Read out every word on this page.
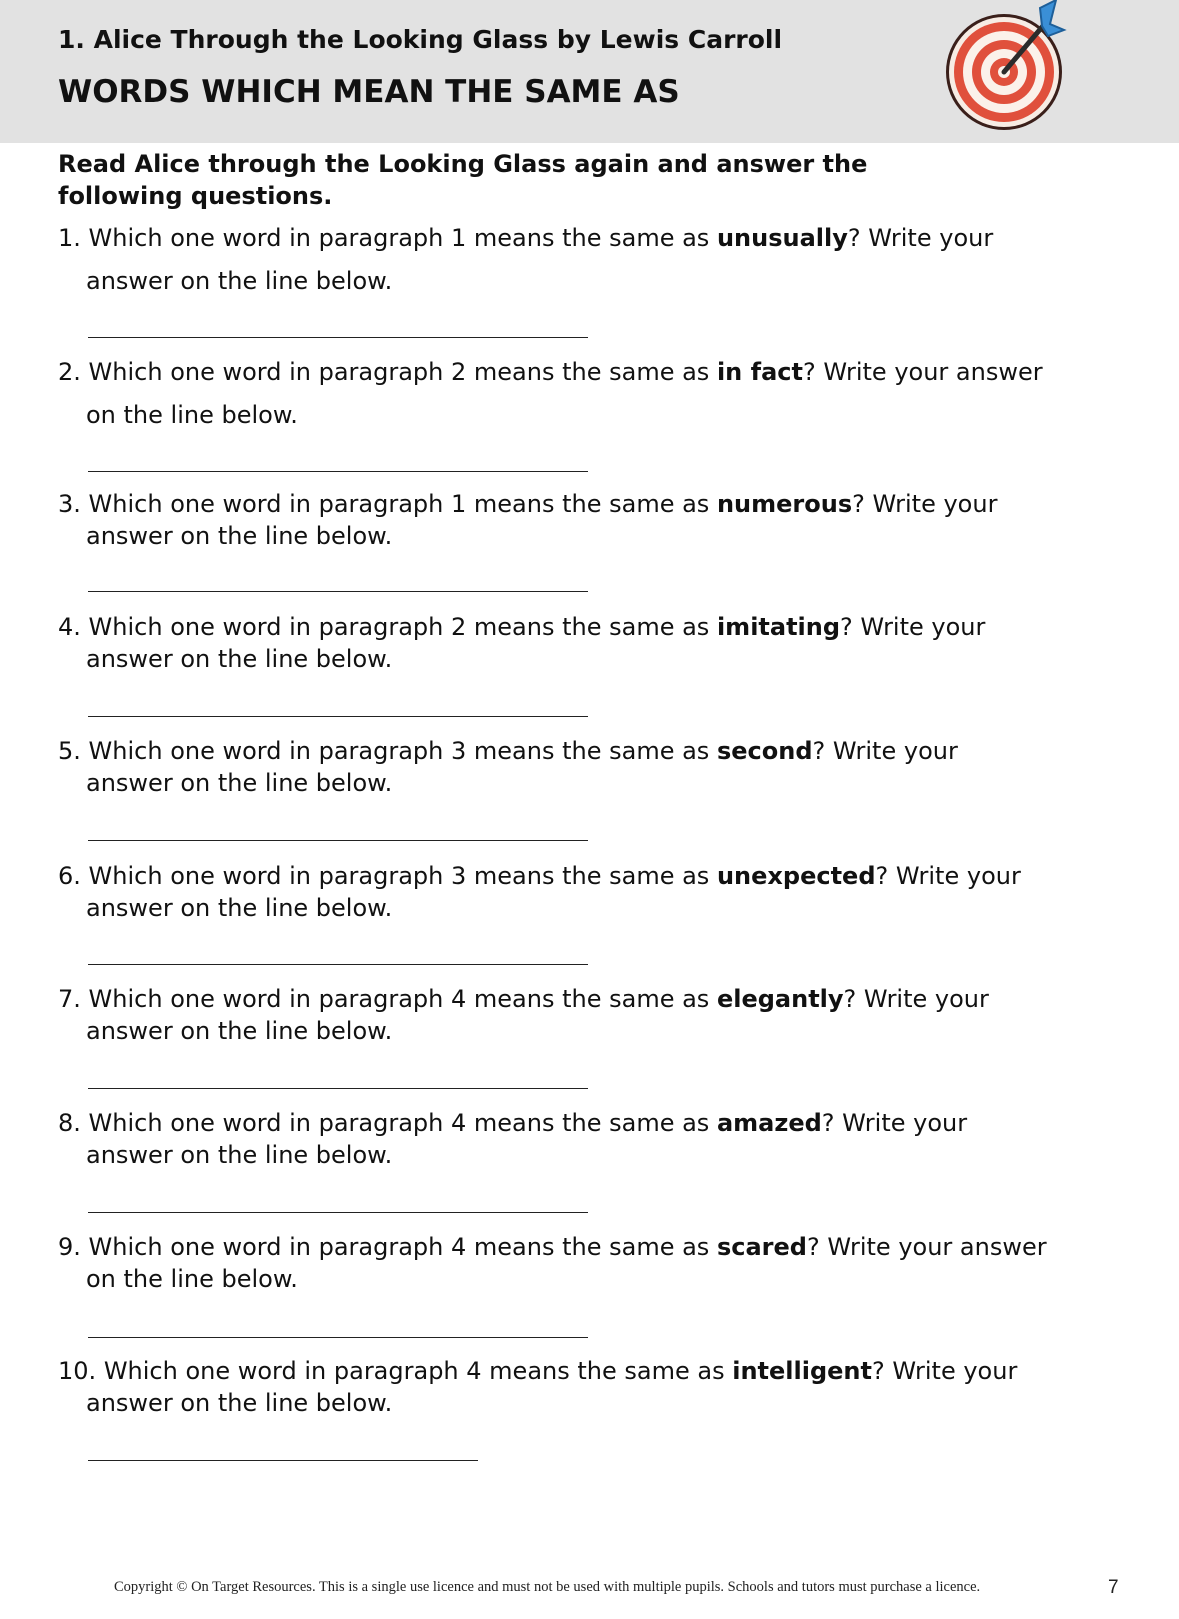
1. Alice Through the Looking Glass by Lewis Carroll
WORDS WHICH MEAN THE SAME AS
Read Alice through the Looking Glass again and answer the following questions.
1. Which one word in paragraph 1 means the same as unusually? Write your
answer on the line below.
2. Which one word in paragraph 2 means the same as in fact? Write your answer
on the line below.
3. Which one word in paragraph 1 means the same as numerous? Write your
answer on the line below.
4. Which one word in paragraph 2 means the same as imitating? Write your
answer on the line below.
5. Which one word in paragraph 3 means the same as second? Write your
answer on the line below.
6. Which one word in paragraph 3 means the same as unexpected? Write your
answer on the line below.
7. Which one word in paragraph 4 means the same as elegantly? Write your
answer on the line below.
8. Which one word in paragraph 4 means the same as amazed? Write your
answer on the line below.
9. Which one word in paragraph 4 means the same as scared? Write your answer
on the line below.
10. Which one word in paragraph 4 means the same as intelligent? Write your
answer on the line below.
Copyright © On Target Resources. This is a single use licence and must not be used with multiple pupils. Schools and tutors must purchase a licence.	7
